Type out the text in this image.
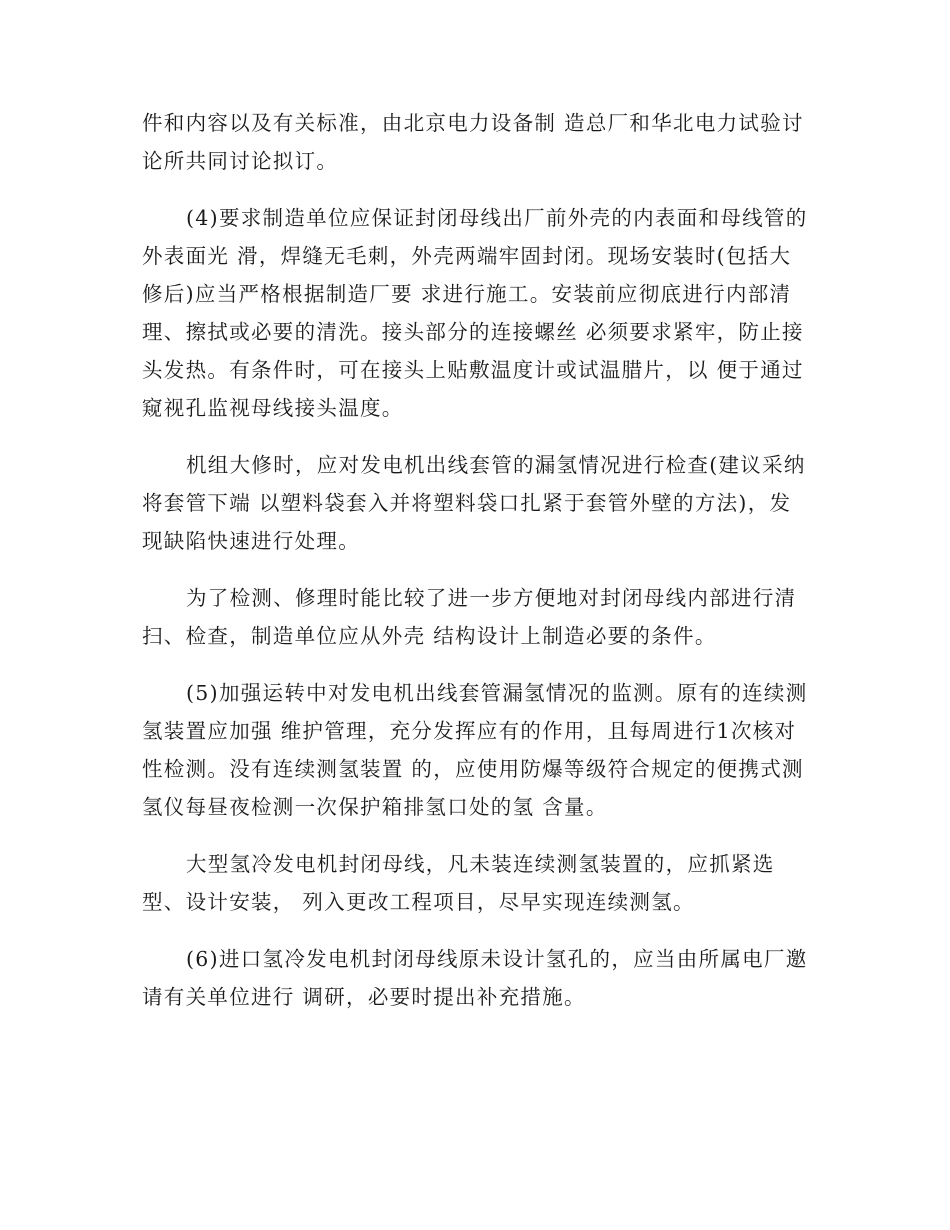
件和内容以及有关标准，由北京电力设备制 造总厂和华北电力试验讨
论所共同讨论拟订。

(4)要求制造单位应保证封闭母线出厂前外壳的内表面和母线管的
外表面光 滑，焊缝无毛刺，外壳两端牢固封闭。现场安装时(包括大
修后)应当严格根据制造厂要 求进行施工。安装前应彻底进行内部清
理、擦拭或必要的清洗。接头部分的连接螺丝 必须要求紧牢，防止接
头发热。有条件时，可在接头上贴敷温度计或试温腊片，以 便于通过
窥视孔监视母线接头温度。

机组大修时，应对发电机出线套管的漏氢情况进行检查(建议采纳
将套管下端 以塑料袋套入并将塑料袋口扎紧于套管外壁的方法)，发
现缺陷快速进行处理。

为了检测、修理时能比较了进一步方便地对封闭母线内部进行清
扫、检查，制造单位应从外壳 结构设计上制造必要的条件。

(5)加强运转中对发电机出线套管漏氢情况的监测。原有的连续测
氢装置应加强 维护管理，充分发挥应有的作用，且每周进行1次核对
性检测。没有连续测氢装置 的，应使用防爆等级符合规定的便携式测
氢仪每昼夜检测一次保护箱排氢口处的氢 含量。

大型氢冷发电机封闭母线，凡未装连续测氢装置的，应抓紧选
型、设计安装， 列入更改工程项目，尽早实现连续测氢。

(6)进口氢冷发电机封闭母线原未设计氢孔的，应当由所属电厂邀
请有关单位进行 调研，必要时提出补充措施。
